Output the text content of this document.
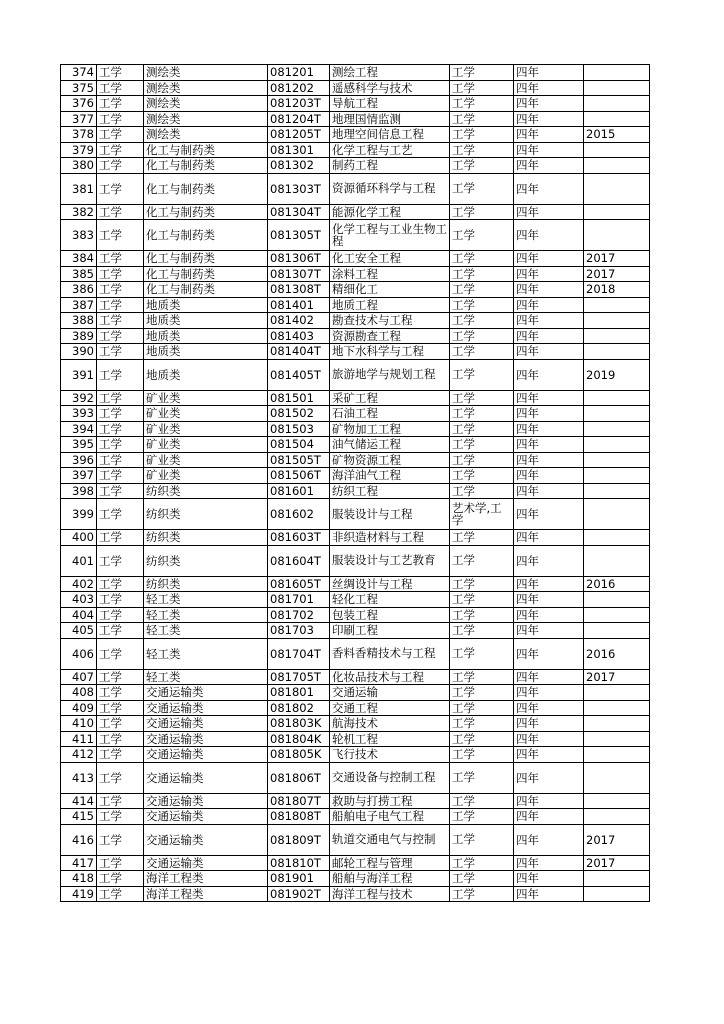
374	工学	测绘类	081201	测绘工程	工学	四年	
375	工学	测绘类	081202	遥感科学与技术	工学	四年	
376	工学	测绘类	081203T	导航工程	工学	四年	
377	工学	测绘类	081204T	地理国情监测	工学	四年	
378	工学	测绘类	081205T	地理空间信息工程	工学	四年	2015
379	工学	化工与制药类	081301	化学工程与工艺	工学	四年	
380	工学	化工与制药类	081302	制药工程	工学	四年	
381	工学	化工与制药类	081303T	资源循环科学与工程	工学	四年	
382	工学	化工与制药类	081304T	能源化学工程	工学	四年	
383	工学	化工与制药类	081305T	化学工程与工业生物工程	工学	四年	
384	工学	化工与制药类	081306T	化工安全工程	工学	四年	2017
385	工学	化工与制药类	081307T	涂料工程	工学	四年	2017
386	工学	化工与制药类	081308T	精细化工	工学	四年	2018
387	工学	地质类	081401	地质工程	工学	四年	
388	工学	地质类	081402	勘查技术与工程	工学	四年	
389	工学	地质类	081403	资源勘查工程	工学	四年	
390	工学	地质类	081404T	地下水科学与工程	工学	四年	
391	工学	地质类	081405T	旅游地学与规划工程	工学	四年	2019
392	工学	矿业类	081501	采矿工程	工学	四年	
393	工学	矿业类	081502	石油工程	工学	四年	
394	工学	矿业类	081503	矿物加工工程	工学	四年	
395	工学	矿业类	081504	油气储运工程	工学	四年	
396	工学	矿业类	081505T	矿物资源工程	工学	四年	
397	工学	矿业类	081506T	海洋油气工程	工学	四年	
398	工学	纺织类	081601	纺织工程	工学	四年	
399	工学	纺织类	081602	服装设计与工程	艺术学,工学	四年	
400	工学	纺织类	081603T	非织造材料与工程	工学	四年	
401	工学	纺织类	081604T	服装设计与工艺教育	工学	四年	
402	工学	纺织类	081605T	丝绸设计与工程	工学	四年	2016
403	工学	轻工类	081701	轻化工程	工学	四年	
404	工学	轻工类	081702	包装工程	工学	四年	
405	工学	轻工类	081703	印刷工程	工学	四年	
406	工学	轻工类	081704T	香料香精技术与工程	工学	四年	2016
407	工学	轻工类	081705T	化妆品技术与工程	工学	四年	2017
408	工学	交通运输类	081801	交通运输	工学	四年	
409	工学	交通运输类	081802	交通工程	工学	四年	
410	工学	交通运输类	081803K	航海技术	工学	四年	
411	工学	交通运输类	081804K	轮机工程	工学	四年	
412	工学	交通运输类	081805K	飞行技术	工学	四年	
413	工学	交通运输类	081806T	交通设备与控制工程	工学	四年	
414	工学	交通运输类	081807T	救助与打捞工程	工学	四年	
415	工学	交通运输类	081808T	船舶电子电气工程	工学	四年	
416	工学	交通运输类	081809T	轨道交通电气与控制	工学	四年	2017
417	工学	交通运输类	081810T	邮轮工程与管理	工学	四年	2017
418	工学	海洋工程类	081901	船舶与海洋工程	工学	四年	
419	工学	海洋工程类	081902T	海洋工程与技术	工学	四年	
